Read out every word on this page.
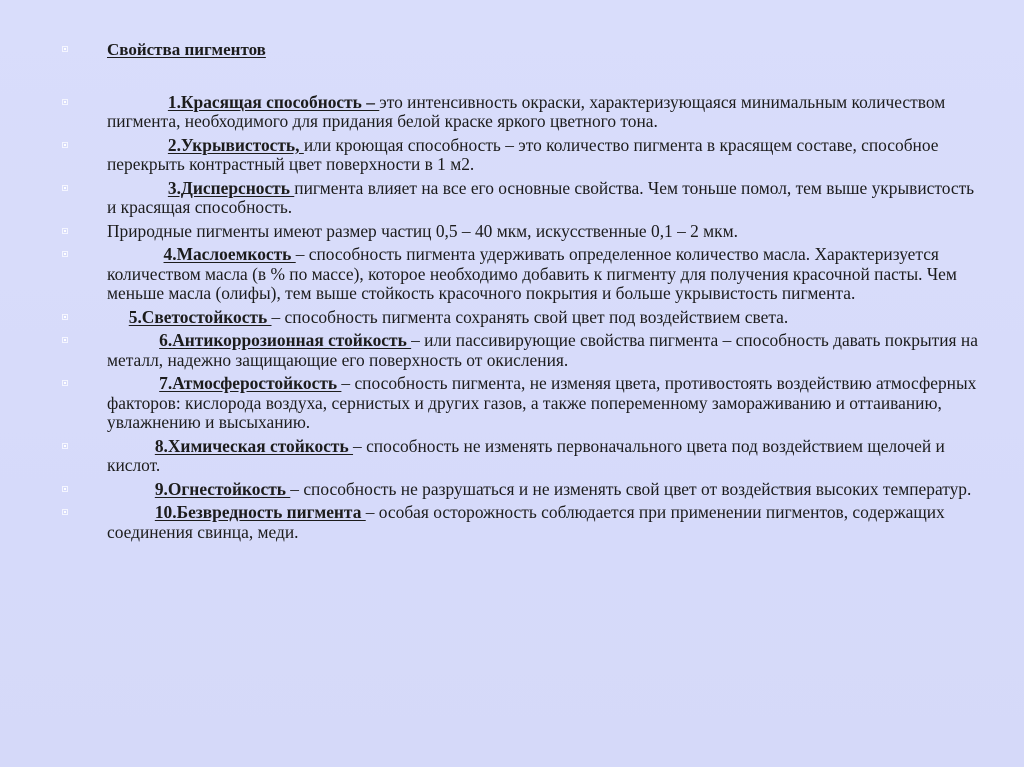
Свойства пигментов
1.Красящая способность – это интенсивность окраски, характеризующаяся минимальным количеством пигмента, необходимого для придания белой краске яркого цветного тона.
2.Укрывистость, или кроющая способность – это количество пигмента в красящем составе, способное перекрыть контрастный цвет поверхности в 1 м2.
3.Дисперсность пигмента влияет на все его основные свойства. Чем тоньше помол, тем выше укрывистость и красящая способность.
Природные пигменты имеют размер частиц 0,5 – 40 мкм, искусственные 0,1 – 2 мкм.
4.Маслоемкость – способность пигмента удерживать определенное количество масла. Характеризуется количеством масла (в % по массе), которое необходимо добавить к пигменту для получения красочной пасты. Чем меньше масла (олифы), тем выше стойкость красочного покрытия и больше укрывистость пигмента.
5.Светостойкость – способность пигмента сохранять свой цвет под воздействием света.
6.Антикоррозионная стойкость – или пассивирующие свойства пигмента – способность давать покрытия на металл, надежно защищающие его поверхность от окисления.
7.Атмосферостойкость – способность пигмента, не изменяя цвета, противостоять воздействию атмосферных факторов: кислорода воздуха, сернистых и других газов, а также попеременному замораживанию и оттаиванию, увлажнению и высыханию.
8.Химическая стойкость – способность не изменять первоначального цвета под воздействием щелочей и кислот.
9.Огнестойкость – способность не разрушаться и не изменять свой цвет от воздействия высоких температур.
10.Безвредность пигмента – особая осторожность соблюдается при применении пигментов, содержащих соединения свинца, меди.
